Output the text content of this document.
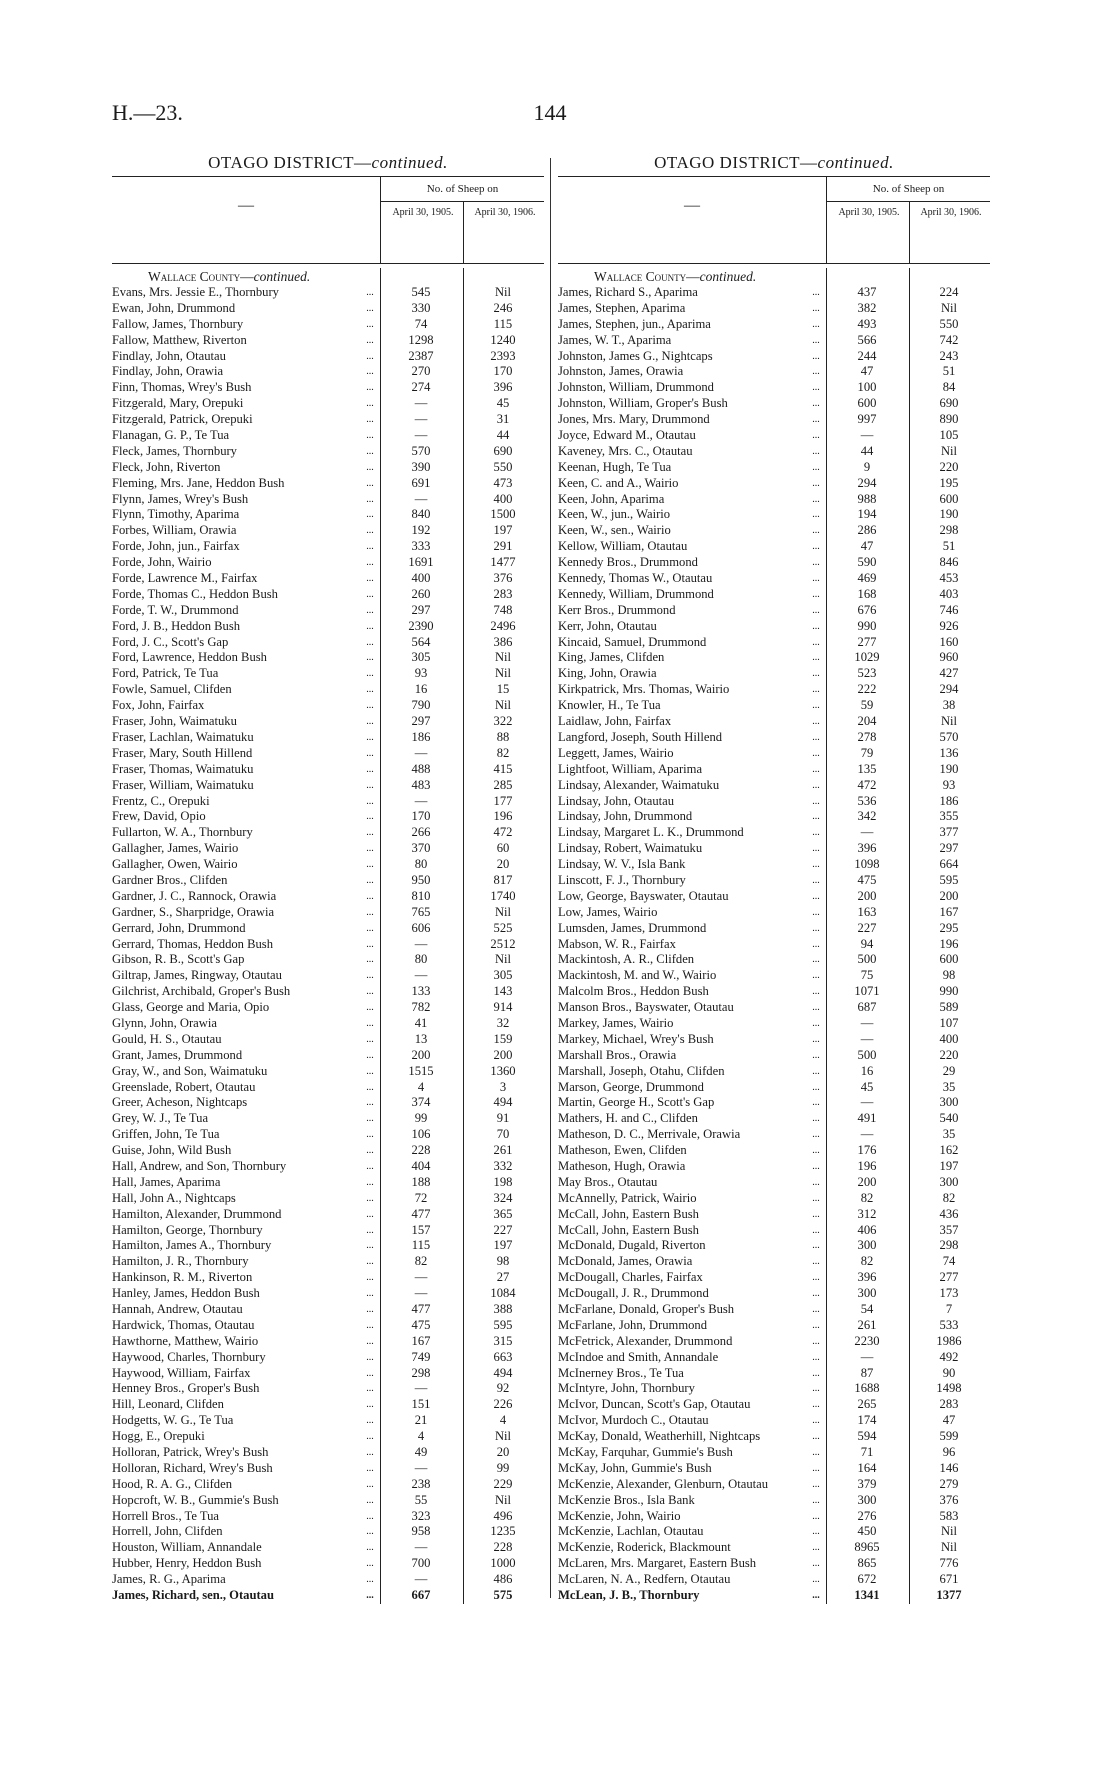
H.—23.	144
OTAGO DISTRICT—continued.
—
No. of Sheep on
April 30, 1905.	April 30, 1906.
Wallace County—continued.
Evans, Mrs. Jessie E., Thornbury	...	545	Nil
Ewan, John, Drummond	...	330	246
Fallow, James, Thornbury	...	74	115
Fallow, Matthew, Riverton	...	1298	1240
Findlay, John, Otautau	...	2387	2393
Findlay, John, Orawia	...	270	170
Finn, Thomas, Wrey's Bush	...	274	396
Fitzgerald, Mary, Orepuki	...	—	45
Fitzgerald, Patrick, Orepuki	...	—	31
Flanagan, G. P., Te Tua	...	—	44
Fleck, James, Thornbury	...	570	690
Fleck, John, Riverton	...	390	550
Fleming, Mrs. Jane, Heddon Bush	...	691	473
Flynn, James, Wrey's Bush	...	—	400
Flynn, Timothy, Aparima	...	840	1500
Forbes, William, Orawia	...	192	197
Forde, John, jun., Fairfax	...	333	291
Forde, John, Wairio	...	1691	1477
Forde, Lawrence M., Fairfax	...	400	376
Forde, Thomas C., Heddon Bush	...	260	283
Forde, T. W., Drummond	...	297	748
Ford, J. B., Heddon Bush	...	2390	2496
Ford, J. C., Scott's Gap	...	564	386
Ford, Lawrence, Heddon Bush	...	305	Nil
Ford, Patrick, Te Tua	...	93	Nil
Fowle, Samuel, Clifden	...	16	15
Fox, John, Fairfax	...	790	Nil
Fraser, John, Waimatuku	...	297	322
Fraser, Lachlan, Waimatuku	...	186	88
Fraser, Mary, South Hillend	...	—	82
Fraser, Thomas, Waimatuku	...	488	415
Fraser, William, Waimatuku	...	483	285
Frentz, C., Orepuki	...	—	177
Frew, David, Opio	...	170	196
Fullarton, W. A., Thornbury	...	266	472
Gallagher, James, Wairio	...	370	60
Gallagher, Owen, Wairio	...	80	20
Gardner Bros., Clifden	...	950	817
Gardner, J. C., Rannock, Orawia	...	810	1740
Gardner, S., Sharpridge, Orawia	...	765	Nil
Gerrard, John, Drummond	...	606	525
Gerrard, Thomas, Heddon Bush	...	—	2512
Gibson, R. B., Scott's Gap	...	80	Nil
Giltrap, James, Ringway, Otautau	...	—	305
Gilchrist, Archibald, Groper's Bush	...	133	143
Glass, George and Maria, Opio	...	782	914
Glynn, John, Orawia	...	41	32
Gould, H. S., Otautau	...	13	159
Grant, James, Drummond	...	200	200
Gray, W., and Son, Waimatuku	...	1515	1360
Greenslade, Robert, Otautau	...	4	3
Greer, Acheson, Nightcaps	...	374	494
Grey, W. J., Te Tua	...	99	91
Griffen, John, Te Tua	...	106	70
Guise, John, Wild Bush	...	228	261
Hall, Andrew, and Son, Thornbury	...	404	332
Hall, James, Aparima	...	188	198
Hall, John A., Nightcaps	...	72	324
Hamilton, Alexander, Drummond	...	477	365
Hamilton, George, Thornbury	...	157	227
Hamilton, James A., Thornbury	...	115	197
Hamilton, J. R., Thornbury	...	82	98
Hankinson, R. M., Riverton	...	—	27
Hanley, James, Heddon Bush	...	—	1084
Hannah, Andrew, Otautau	...	477	388
Hardwick, Thomas, Otautau	...	475	595
Hawthorne, Matthew, Wairio	...	167	315
Haywood, Charles, Thornbury	...	749	663
Haywood, William, Fairfax	...	298	494
Henney Bros., Groper's Bush	...	—	92
Hill, Leonard, Clifden	...	151	226
Hodgetts, W. G., Te Tua	...	21	4
Hogg, E., Orepuki	...	4	Nil
Holloran, Patrick, Wrey's Bush	...	49	20
Holloran, Richard, Wrey's Bush	...	—	99
Hood, R. A. G., Clifden	...	238	229
Hopcroft, W. B., Gummie's Bush	...	55	Nil
Horrell Bros., Te Tua	...	323	496
Horrell, John, Clifden	...	958	1235
Houston, William, Annandale	...	—	228
Hubber, Henry, Heddon Bush	...	700	1000
James, R. G., Aparima	...	—	486
James, Richard, sen., Otautau	...	667	575
OTAGO DISTRICT—continued.
—
No. of Sheep on
April 30, 1905.	April 30, 1906.
Wallace County—continued.
James, Richard S., Aparima	...	437	224
James, Stephen, Aparima	...	382	Nil
James, Stephen, jun., Aparima	...	493	550
James, W. T., Aparima	...	566	742
Johnston, James G., Nightcaps	...	244	243
Johnston, James, Orawia	...	47	51
Johnston, William, Drummond	...	100	84
Johnston, William, Groper's Bush	...	600	690
Jones, Mrs. Mary, Drummond	...	997	890
Joyce, Edward M., Otautau	...	—	105
Kaveney, Mrs. C., Otautau	...	44	Nil
Keenan, Hugh, Te Tua	...	9	220
Keen, C. and A., Wairio	...	294	195
Keen, John, Aparima	...	988	600
Keen, W., jun., Wairio	...	194	190
Keen, W., sen., Wairio	...	286	298
Kellow, William, Otautau	...	47	51
Kennedy Bros., Drummond	...	590	846
Kennedy, Thomas W., Otautau	...	469	453
Kennedy, William, Drummond	...	168	403
Kerr Bros., Drummond	...	676	746
Kerr, John, Otautau	...	990	926
Kincaid, Samuel, Drummond	...	277	160
King, James, Clifden	...	1029	960
King, John, Orawia	...	523	427
Kirkpatrick, Mrs. Thomas, Wairio	...	222	294
Knowler, H., Te Tua	...	59	38
Laidlaw, John, Fairfax	...	204	Nil
Langford, Joseph, South Hillend	...	278	570
Leggett, James, Wairio	...	79	136
Lightfoot, William, Aparima	...	135	190
Lindsay, Alexander, Waimatuku	...	472	93
Lindsay, John, Otautau	...	536	186
Lindsay, John, Drummond	...	342	355
Lindsay, Margaret L. K., Drummond	...	—	377
Lindsay, Robert, Waimatuku	...	396	297
Lindsay, W. V., Isla Bank	...	1098	664
Linscott, F. J., Thornbury	...	475	595
Low, George, Bayswater, Otautau	...	200	200
Low, James, Wairio	...	163	167
Lumsden, James, Drummond	...	227	295
Mabson, W. R., Fairfax	...	94	196
Mackintosh, A. R., Clifden	...	500	600
Mackintosh, M. and W., Wairio	...	75	98
Malcolm Bros., Heddon Bush	...	1071	990
Manson Bros., Bayswater, Otautau	...	687	589
Markey, James, Wairio	...	—	107
Markey, Michael, Wrey's Bush	...	—	400
Marshall Bros., Orawia	...	500	220
Marshall, Joseph, Otahu, Clifden	...	16	29
Marson, George, Drummond	...	45	35
Martin, George H., Scott's Gap	...	—	300
Mathers, H. and C., Clifden	...	491	540
Matheson, D. C., Merrivale, Orawia	...	—	35
Matheson, Ewen, Clifden	...	176	162
Matheson, Hugh, Orawia	...	196	197
May Bros., Otautau	...	200	300
McAnnelly, Patrick, Wairio	...	82	82
McCall, John, Eastern Bush	...	312	436
McCall, John, Eastern Bush	...	406	357
McDonald, Dugald, Riverton	...	300	298
McDonald, James, Orawia	...	82	74
McDougall, Charles, Fairfax	...	396	277
McDougall, J. R., Drummond	...	300	173
McFarlane, Donald, Groper's Bush	...	54	7
McFarlane, John, Drummond	...	261	533
McFetrick, Alexander, Drummond	...	2230	1986
McIndoe and Smith, Annandale	...	—	492
McInerney Bros., Te Tua	...	87	90
McIntyre, John, Thornbury	...	1688	1498
McIvor, Duncan, Scott's Gap, Otautau	...	265	283
McIvor, Murdoch C., Otautau	...	174	47
McKay, Donald, Weatherhill, Nightcaps	...	594	599
McKay, Farquhar, Gummie's Bush	...	71	96
McKay, John, Gummie's Bush	...	164	146
McKenzie, Alexander, Glenburn, Otautau	...	379	279
McKenzie Bros., Isla Bank	...	300	376
McKenzie, John, Wairio	...	276	583
McKenzie, Lachlan, Otautau	...	450	Nil
McKenzie, Roderick, Blackmount	...	8965	Nil
McLaren, Mrs. Margaret, Eastern Bush	...	865	776
McLaren, N. A., Redfern, Otautau	...	672	671
McLean, J. B., Thornbury	...	1341	1377
